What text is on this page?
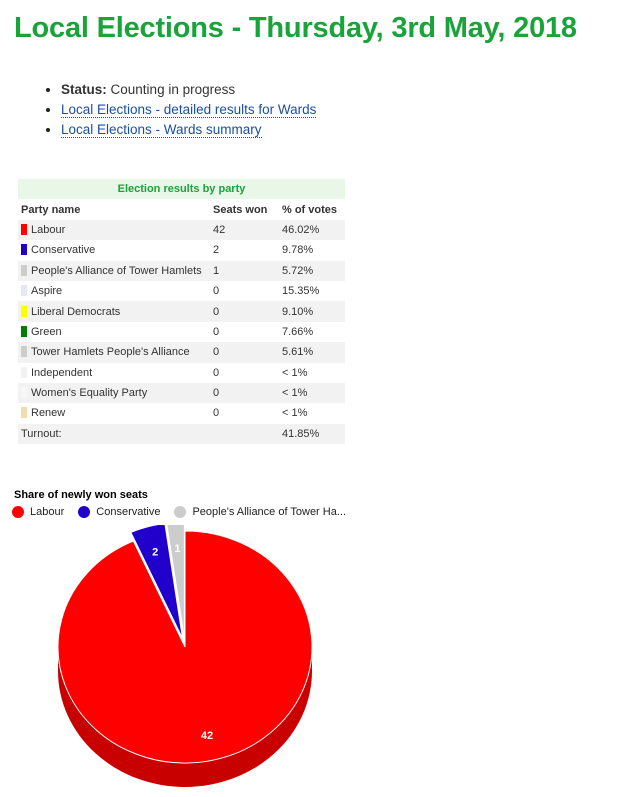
Local Elections - Thursday, 3rd May, 2018
• Status: Counting in progress
• Local Elections - detailed results for Wards
• Local Elections - Wards summary
Election results by party		
Party name	Seats won	% of votes
Labour	42	46.02%
Conservative	2	9.78%
People's Alliance of Tower Hamlets	1	5.72%
Aspire	0	15.35%
Liberal Democrats	0	9.10%
Green	0	7.66%
Tower Hamlets People's Alliance	0	5.61%
Independent	0	< 1%
Women's Equality Party	0	< 1%
Renew	0	< 1%
Turnout:		41.85%
Share of newly won seats
Labour	Conservative	People's Alliance of Tower Ha...
42
2 1
